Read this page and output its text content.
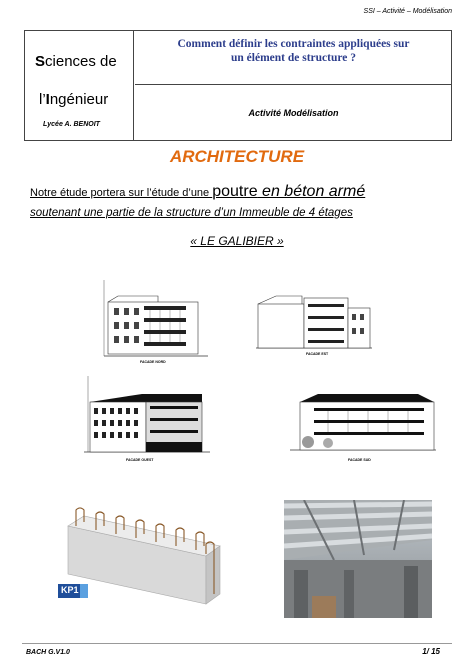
SSI – Activité – Modélisation
Sciences de
l’Ingénieur
Lycée A. BENOIT
Comment définir les contraintes appliquées sur un élément de structure ?
Activité Modélisation
ARCHITECTURE
Notre étude portera sur l’étude d’une poutre en béton armé
soutenant une partie de la structure d’un Immeuble de 4 étages
« LE GALIBIER »
FACADE NORD
FACADE EST
FACADE OUEST	FACADE SUD
KP1
BACH G.V1.0	1/ 15
